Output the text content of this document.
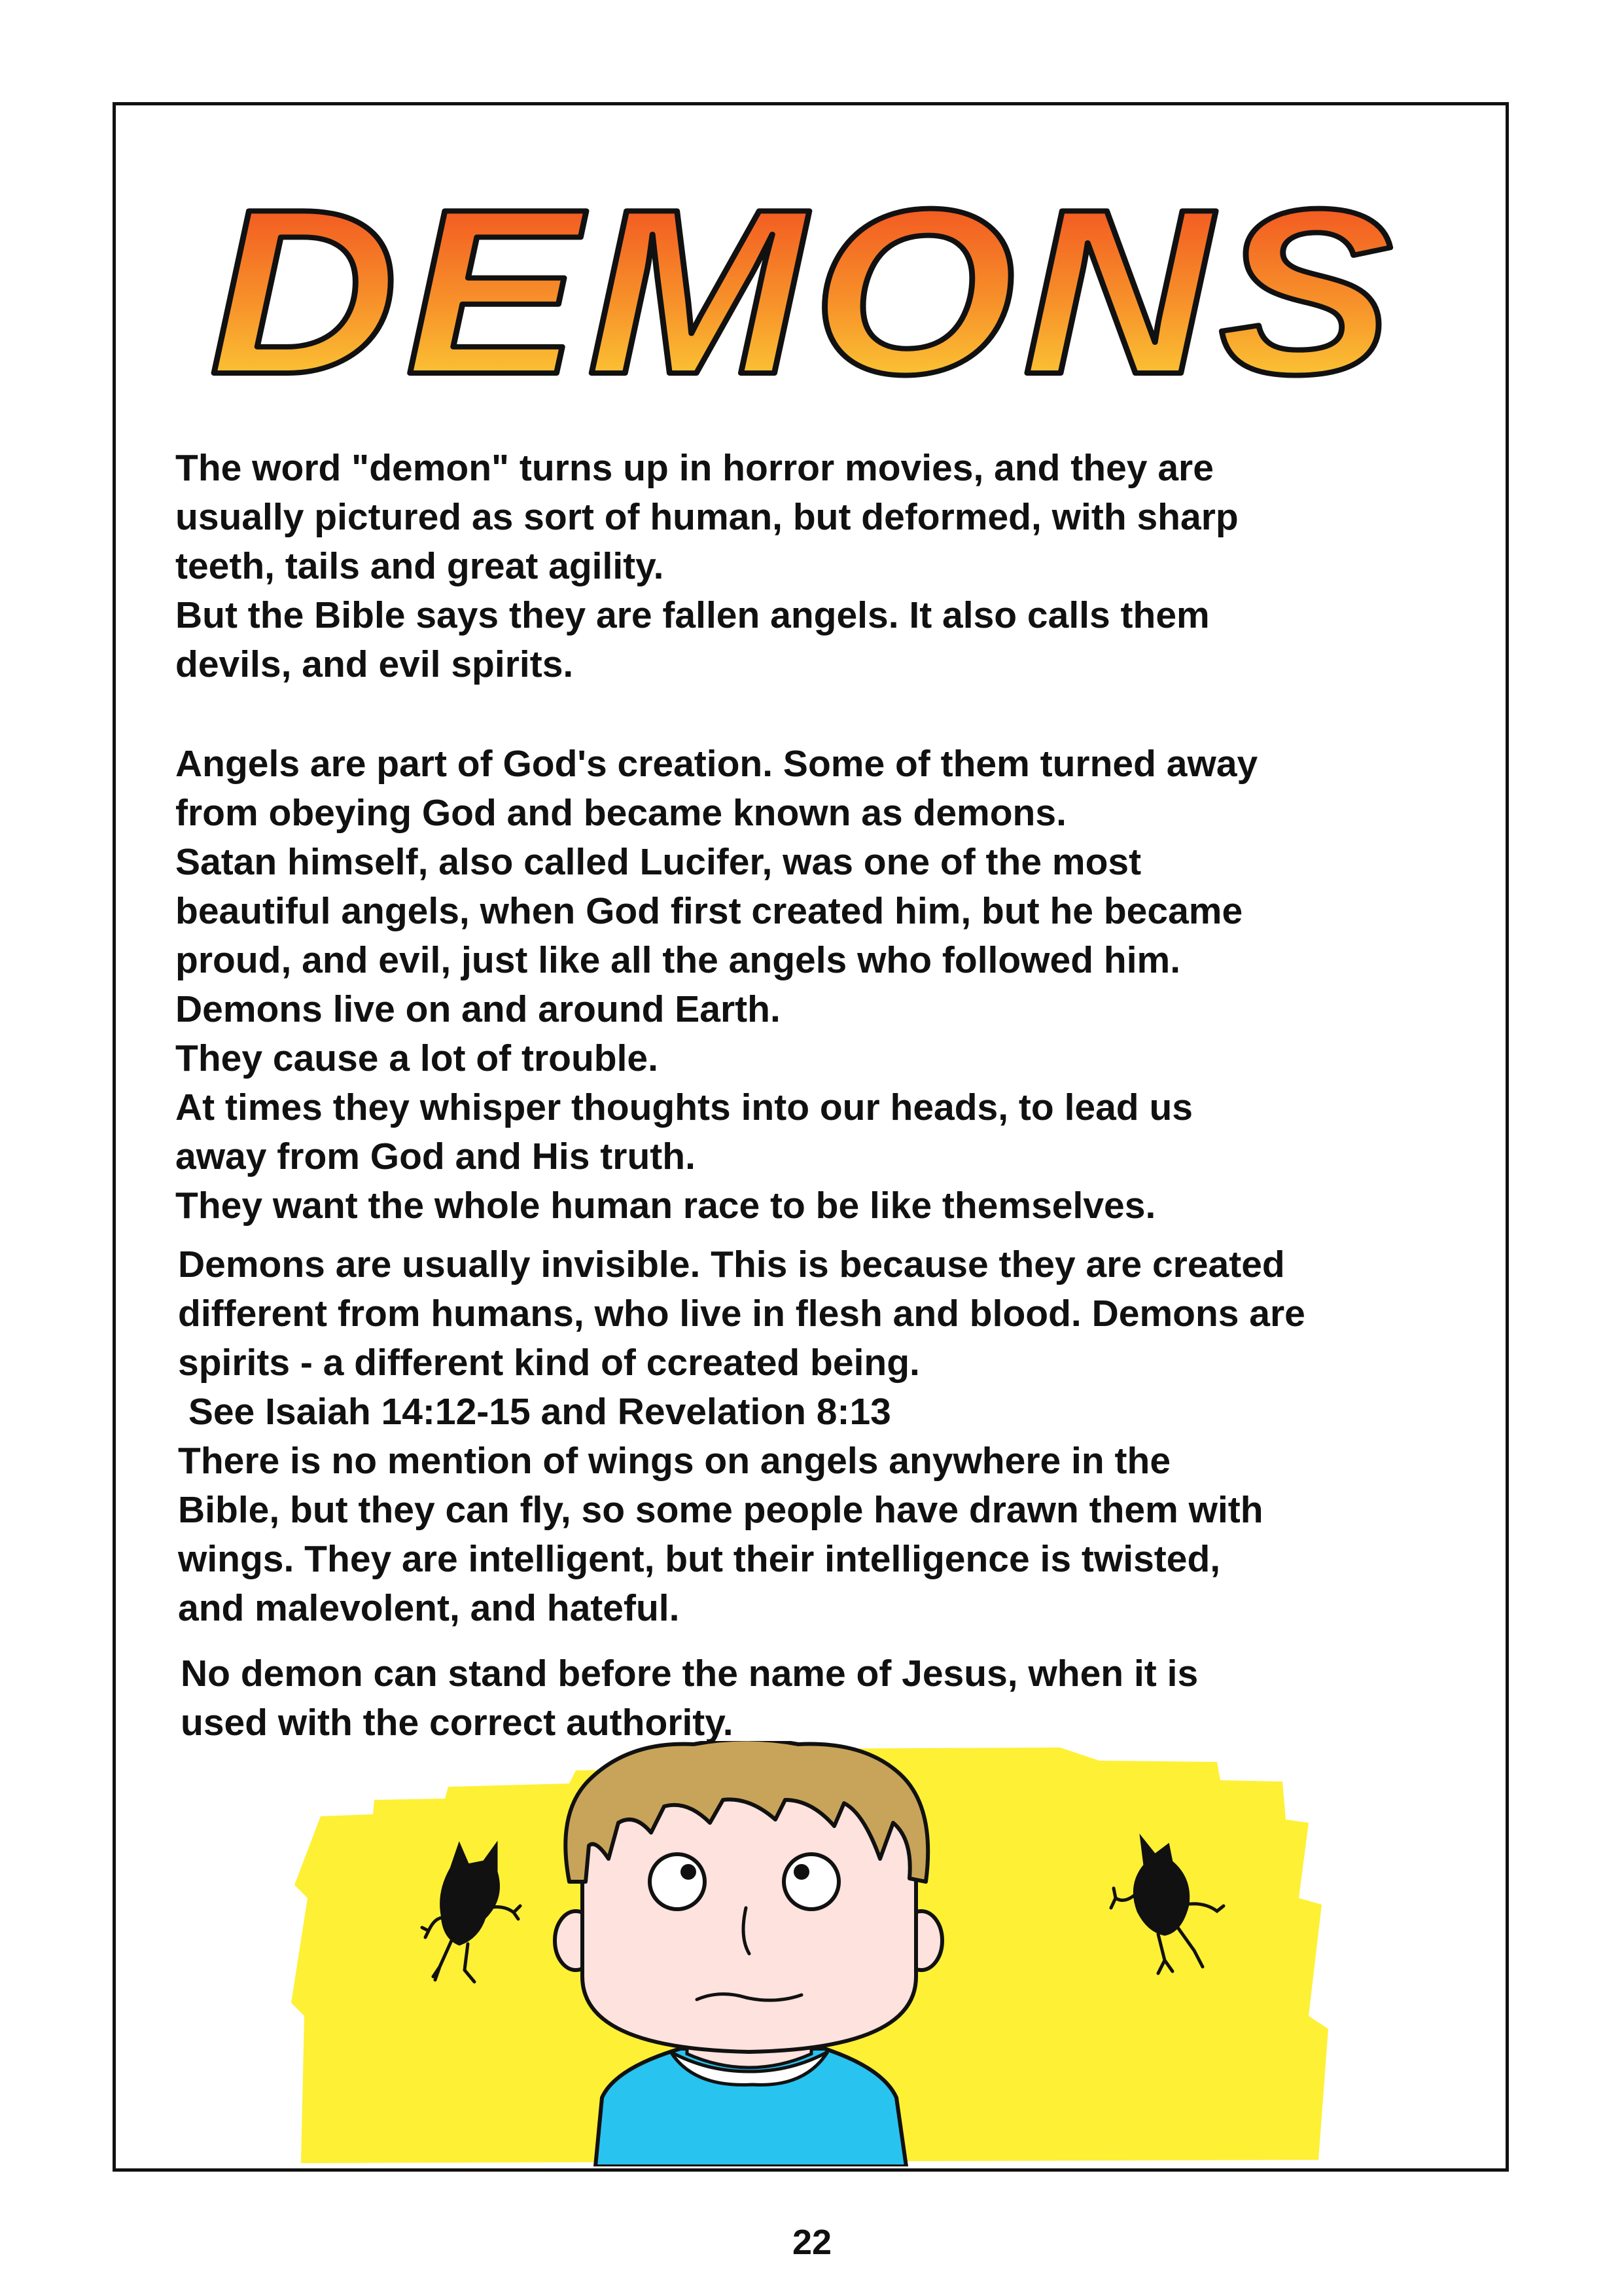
DEMONS

The word "demon" turns up in horror movies, and they are

usually pictured as sort of human, but deformed, with sharp

teeth, tails and great agility.

But the Bible says they are fallen angels. It also calls them

devils, and evil spirits.

Angels are part of God's creation. Some of them turned away

from obeying God and became known as demons.

Satan himself, also called Lucifer, was one of the most

beautiful angels, when God first created him, but he became

proud, and evil, just like all the angels who followed him.

Demons live on and around Earth.

They cause a lot of trouble.

At times they whisper thoughts into our heads, to lead us

away from God and His truth.

They want the whole human race to be like themselves.

Demons are usually invisible. This is because they are created

different from humans, who live in flesh and blood. Demons are

spirits - a different kind of ccreated being.

See Isaiah 14:12-15 and Revelation 8:13

There is no mention of wings on angels anywhere in the

Bible, but they can fly, so some people have drawn them with

wings. They are intelligent, but their intelligence is twisted,

and malevolent, and hateful.

No demon can stand before the name of Jesus, when it is

used with the correct authority.

22
